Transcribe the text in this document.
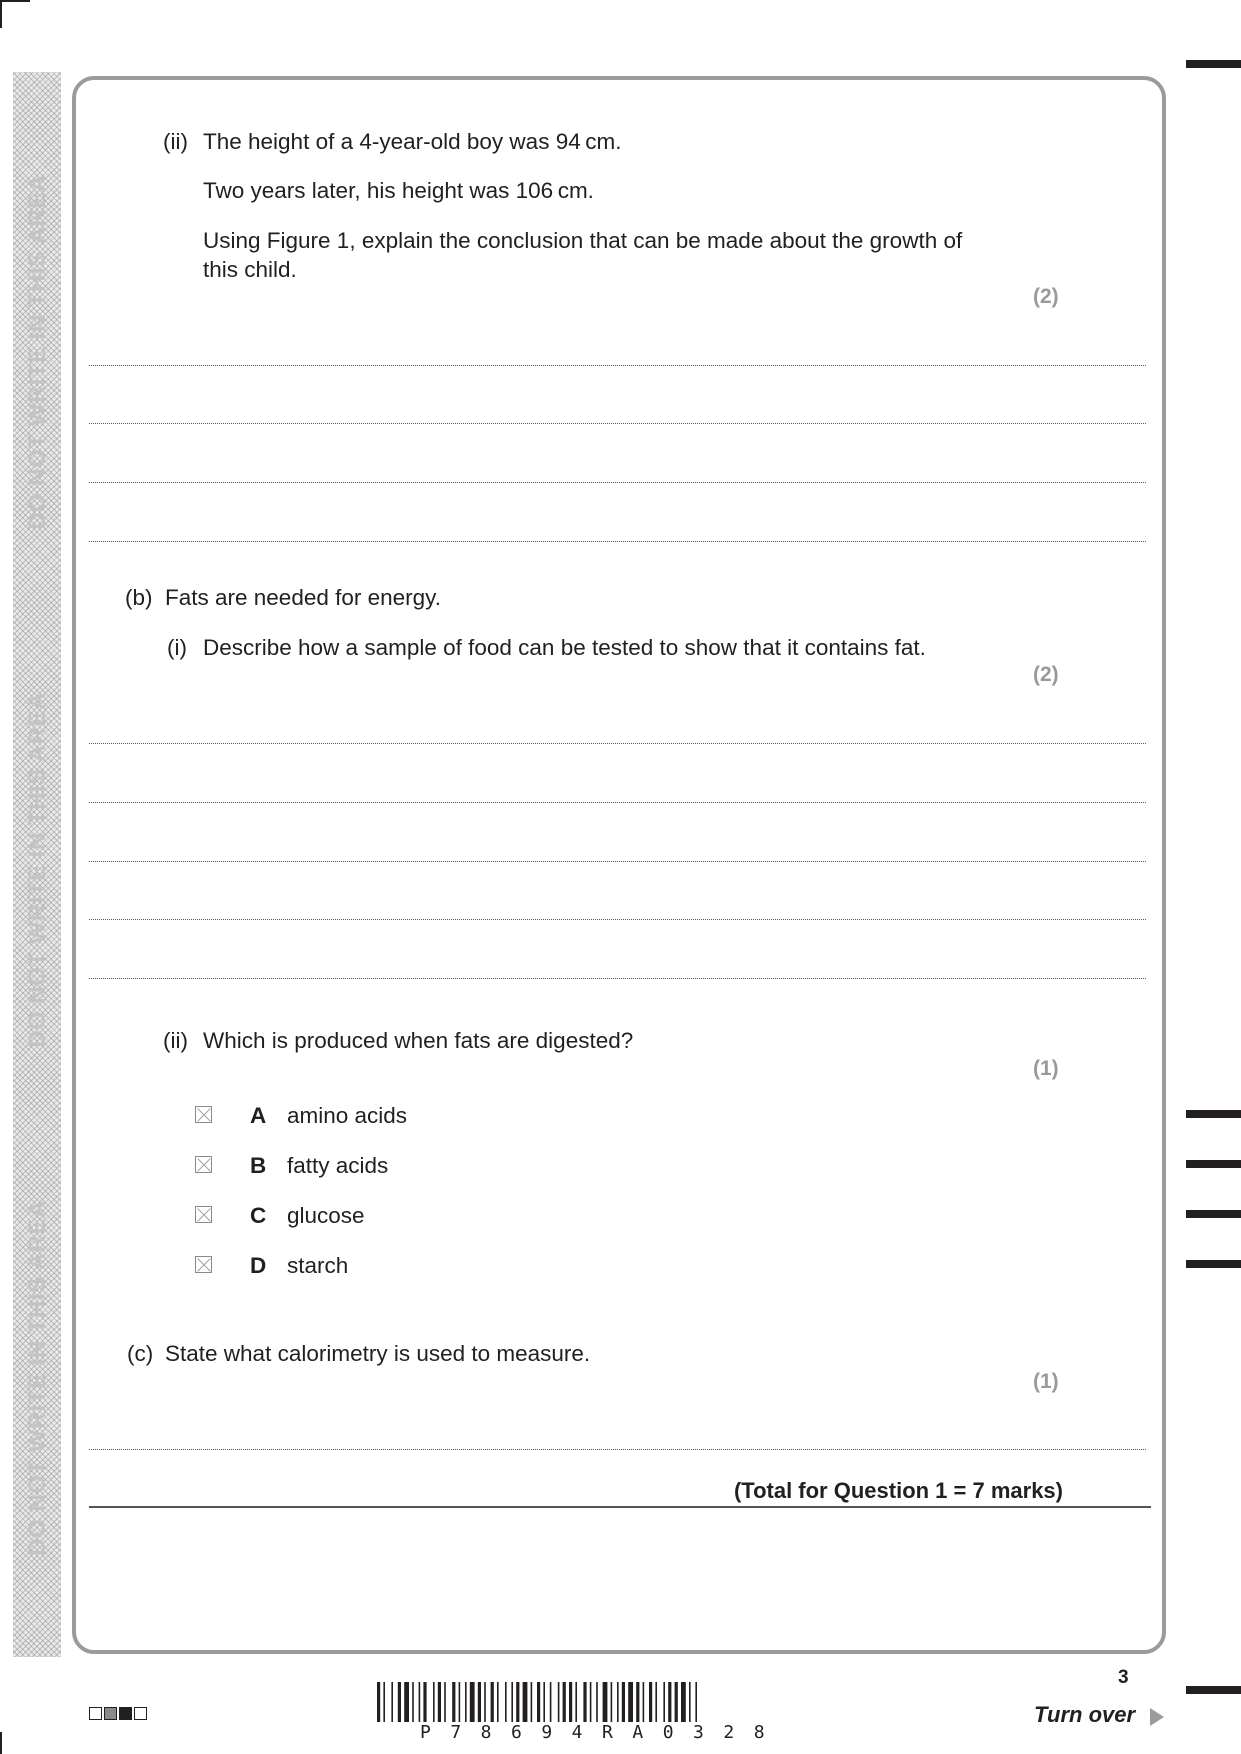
DO NOT WRITE IN THIS AREA
DO NOT WRITE IN THIS AREA
DO NOT WRITE IN THIS AREA
(ii) The height of a 4-year-old boy was 94 cm.
Two years later, his height was 106 cm.
Using Figure 1, explain the conclusion that can be made about the growth of
this child.
(2)
(b) Fats are needed for energy.
(i) Describe how a sample of food can be tested to show that it contains fat.
(2)
(ii) Which is produced when fats are digested?
(1)
A amino acids
B fatty acids
C glucose
D starch
(c) State what calorimetry is used to measure.
(1)
(Total for Question 1 = 7 marks)
P78694RA0328
3
Turn over
